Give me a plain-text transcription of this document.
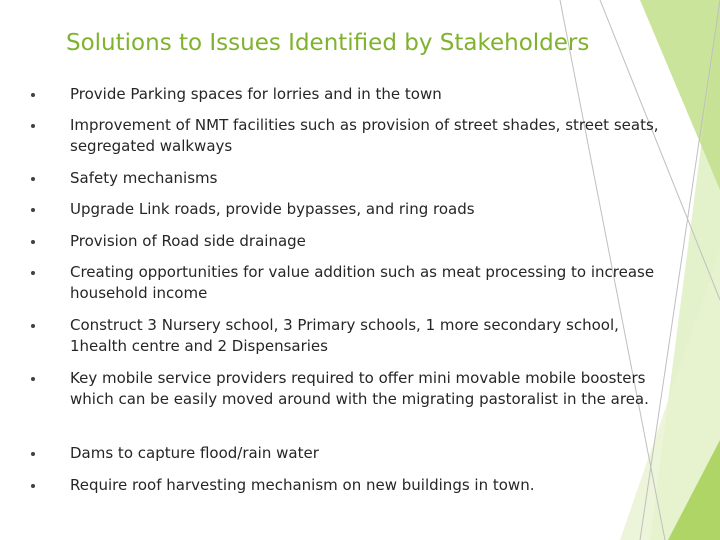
Solutions to Issues Identified by Stakeholders
Provide Parking spaces for lorries and in the town
Improvement of NMT facilities such as provision of street shades, street seats, segregated walkways
Safety mechanisms
Upgrade Link roads, provide bypasses, and ring roads
Provision of Road side drainage
Creating opportunities for value addition such as meat processing to increase household income
Construct 3 Nursery school, 3 Primary schools, 1 more secondary school, 1health centre and 2 Dispensaries
Key mobile service providers required to offer mini movable mobile boosters which can be easily moved around with the migrating pastoralist in the area.
Dams to capture flood/rain water
Require roof harvesting mechanism on new buildings in town.
